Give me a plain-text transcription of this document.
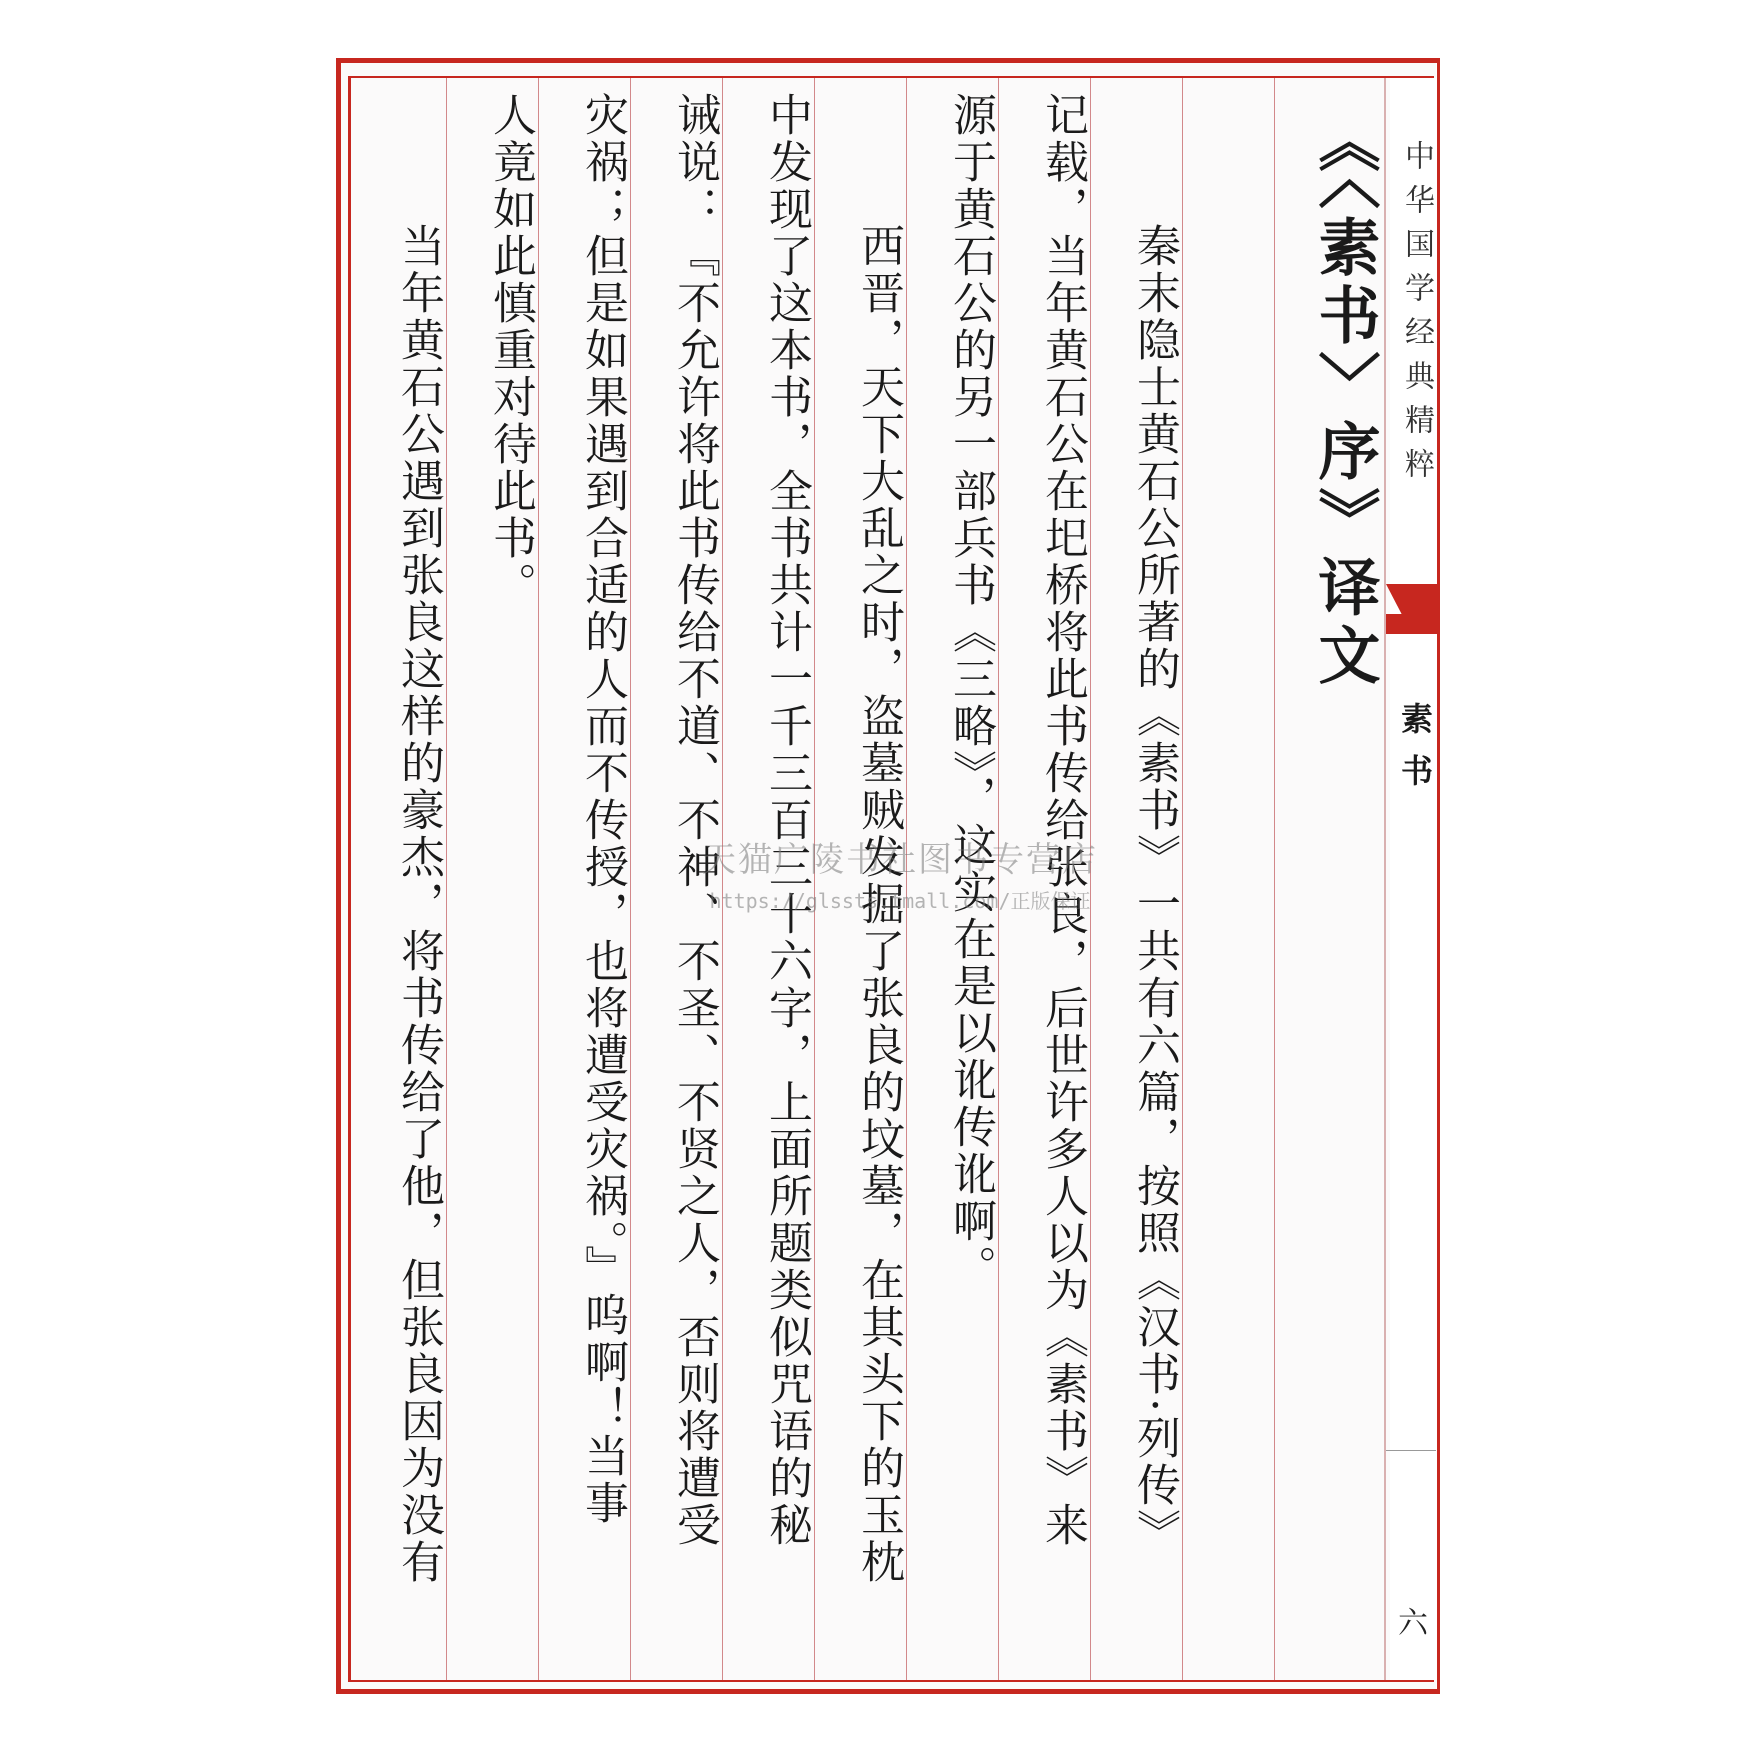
中华国学经典精粹
素书
六
《〈素书〉序》译文
　秦末隐士黄石公所著的《素书》一共有六篇，按照《汉书·列传》
记载，当年黄石公在圯桥将此书传给张良，后世许多人以为《素书》来
源于黄石公的另一部兵书《三略》，这实在是以讹传讹啊。
　西晋，天下大乱之时，盗墓贼发掘了张良的坟墓，在其头下的玉枕
中发现了这本书，全书共计一千三百三十六字，上面所题类似咒语的秘
诫说：『不允许将此书传给不道、不神、不圣、不贤之人，否则将遭受
灾祸；但是如果遇到合适的人而不传授，也将遭受灾祸。』呜啊！当事
人竟如此慎重对待此书。
　当年黄石公遇到张良这样的豪杰，将书传给了他，但张良因为没有	天猫广陵书社图书专营店
https://glssts.tmall.com/正版保证
